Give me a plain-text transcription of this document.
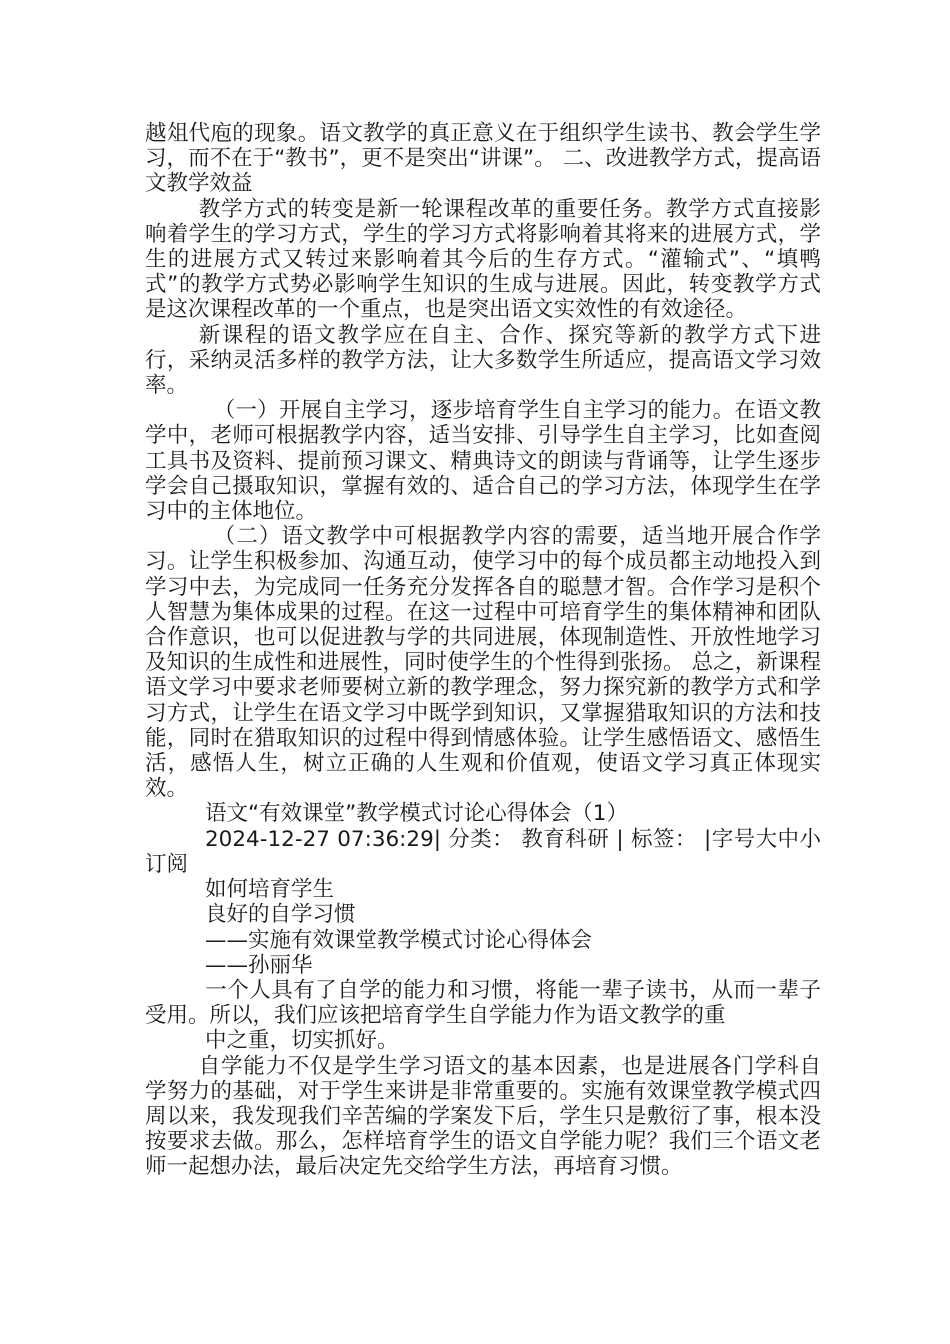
越俎代庖的现象。语文教学的真正意义在于组织学生读书、教会学生学习，而不在于“教书”，更不是突出“讲课”。 二、改进教学方式，提高语文教学效益

教学方式的转变是新一轮课程改革的重要任务。教学方式直接影响着学生的学习方式，学生的学习方式将影响着其将来的进展方式，学生的进展方式又转过来影响着其今后的生存方式。“灌输式”、“填鸭式”的教学方式势必影响学生知识的生成与进展。因此，转变教学方式是这次课程改革的一个重点，也是突出语文实效性的有效途径。

新课程的语文教学应在自主、合作、探究等新的教学方式下进行，采纳灵活多样的教学方法，让大多数学生所适应，提高语文学习效率。

（一）开展自主学习，逐步培育学生自主学习的能力。在语文教学中，老师可根据教学内容，适当安排、引导学生自主学习，比如查阅工具书及资料、提前预习课文、精典诗文的朗读与背诵等，让学生逐步学会自己摄取知识，掌握有效的、适合自己的学习方法，体现学生在学习中的主体地位。

（二）语文教学中可根据教学内容的需要，适当地开展合作学习。让学生积极参加、沟通互动，使学习中的每个成员都主动地投入到学习中去，为完成同一任务充分发挥各自的聪慧才智。合作学习是积个人智慧为集体成果的过程。在这一过程中可培育学生的集体精神和团队合作意识，也可以促进教与学的共同进展，体现制造性、开放性地学习及知识的生成性和进展性，同时使学生的个性得到张扬。 总之，新课程语文学习中要求老师要树立新的教学理念，努力探究新的教学方式和学习方式，让学生在语文学习中既学到知识，又掌握猎取知识的方法和技能，同时在猎取知识的过程中得到情感体验。让学生感悟语文、感悟生活，感悟人生，树立正确的人生观和价值观，使语文学习真正体现实效。

语文“有效课堂”教学模式讨论心得体会（1）

2024-12-27 07:36:29| 分类： 教育科研 | 标签： |字号大中小 订阅

如何培育学生

良好的自学习惯

——实施有效课堂教学模式讨论心得体会

——孙丽华

一个人具有了自学的能力和习惯，将能一辈子读书，从而一辈子受用。所以，我们应该把培育学生自学能力作为语文教学的重

中之重，切实抓好。

自学能力不仅是学生学习语文的基本因素，也是进展各门学科自学努力的基础，对于学生来讲是非常重要的。实施有效课堂教学模式四周以来，我发现我们辛苦编的学案发下后，学生只是敷衍了事，根本没按要求去做。那么，怎样培育学生的语文自学能力呢？我们三个语文老师一起想办法，最后决定先交给学生方法，再培育习惯。
